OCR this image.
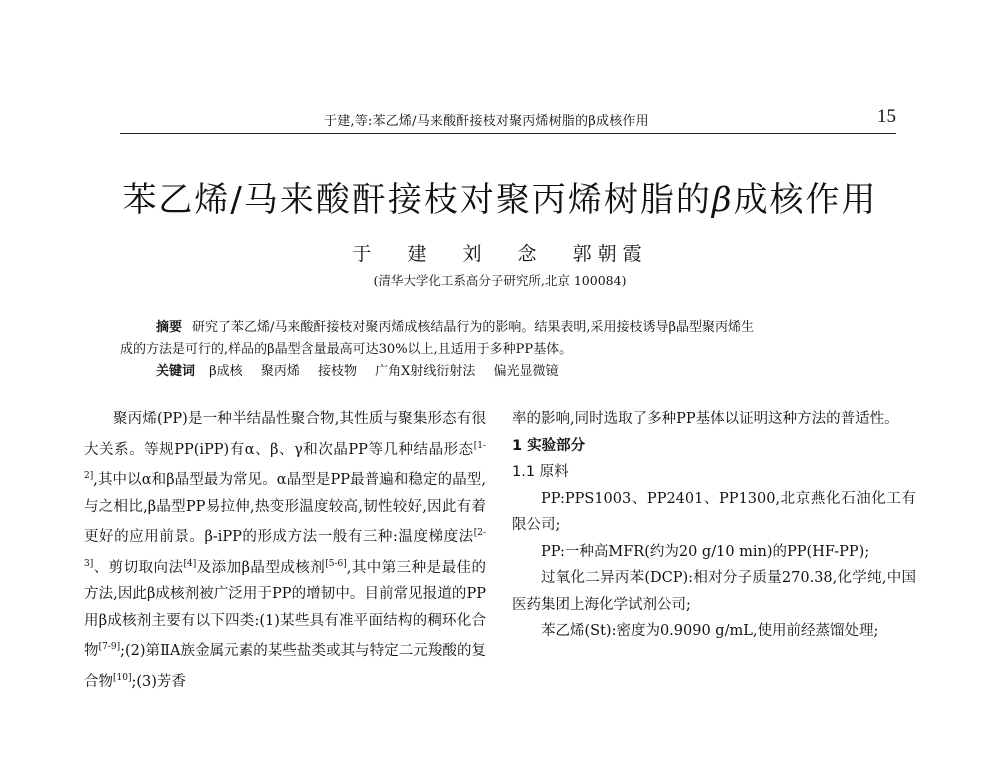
于建,等:苯乙烯/马来酸酐接枝对聚丙烯树脂的β成核作用	15
苯乙烯/马来酸酐接枝对聚丙烯树脂的β成核作用
于 建 刘 念 郭朝霞
(清华大学化工系高分子研究所,北京 100084)
摘要 研究了苯乙烯/马来酸酐接枝对聚丙烯成核结晶行为的影响。结果表明,采用接枝诱导β晶型聚丙烯生
成的方法是可行的,样品的β晶型含量最高可达30%以上,且适用于多种PP基体。
关键词 β成核 聚丙烯 接枝物 广角X射线衍射法 偏光显微镜

聚丙烯(PP)是一种半结晶性聚合物,其性质与聚集形态有很大关系。等规PP(iPP)有α、β、γ和次晶PP等几种结晶形态[1-2],其中以α和β晶型最为常见。α晶型是PP最普遍和稳定的晶型,与之相比,β晶型PP易拉伸,热变形温度较高,韧性较好,因此有着更好的应用前景。β-iPP的形成方法一般有三种:温度梯度法[2-3]、剪切取向法[4]及添加β晶型成核剂[5-6],其中第三种是最佳的方法,因此β成核剂被广泛用于PP的增韧中。目前常见报道的PP用β成核剂主要有以下四类:(1)某些具有准平面结构的稠环化合物[7-9];(2)第ⅡA族金属元素的某些盐类或其与特定二元羧酸的复合物[10];(3)芳香

率的影响,同时选取了多种PP基体以证明这种方法的普适性。

1 实验部分

1.1 原料

PP:PPS1003、PP2401、PP1300,北京燕化石油化工有限公司;

PP:一种高MFR(约为20 g/10 min)的PP(HF-PP);

过氧化二异丙苯(DCP):相对分子质量270.38,化学纯,中国医药集团上海化学试剂公司;

苯乙烯(St):密度为0.9090 g/mL,使用前经蒸馏处理;
